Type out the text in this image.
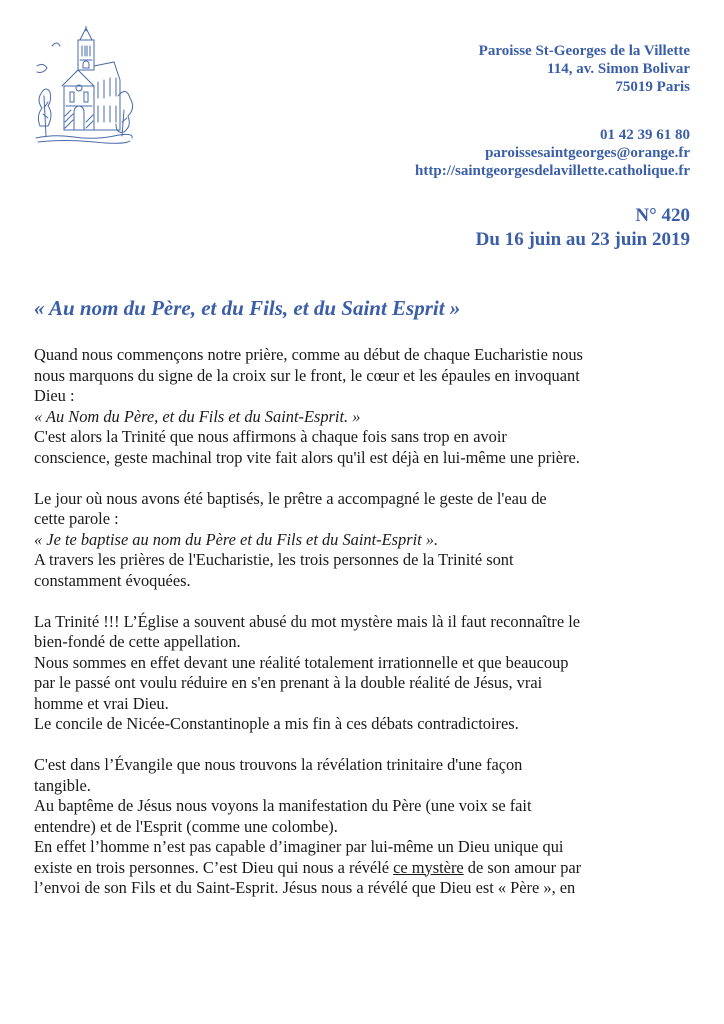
Paroisse St-Georges de la Villette
114, av. Simon Bolivar
75019 Paris
01 42 39 61 80
paroissesaintgeorges@orange.fr
http://saintgeorgesdelavillette.catholique.fr
N° 420
Du 16 juin au 23 juin 2019
« Au nom du Père, et du Fils, et du Saint Esprit »

Quand nous commençons notre prière, comme au début de chaque Eucharistie nous
nous marquons du signe de la croix sur le front, le cœur et les épaules en invoquant
Dieu :
« Au Nom du Père, et du Fils et du Saint-Esprit. »
C'est alors la Trinité que nous affirmons à chaque fois sans trop en avoir
conscience, geste machinal trop vite fait alors qu'il est déjà en lui-même une prière.

Le jour où nous avons été baptisés, le prêtre a accompagné le geste de l'eau de
cette parole :
« Je te baptise au nom du Père et du Fils et du Saint-Esprit ».
A travers les prières de l'Eucharistie, les trois personnes de la Trinité sont
constamment évoquées.

La Trinité !!! L’Église a souvent abusé du mot mystère mais là il faut reconnaître le
bien-fondé de cette appellation.
Nous sommes en effet devant une réalité totalement irrationnelle et que beaucoup
par le passé ont voulu réduire en s'en prenant à la double réalité de Jésus, vrai
homme et vrai Dieu.
Le concile de Nicée-Constantinople a mis fin à ces débats contradictoires.

C'est dans l’Évangile que nous trouvons la révélation trinitaire d'une façon
tangible.
Au baptême de Jésus nous voyons la manifestation du Père (une voix se fait
entendre) et de l'Esprit (comme une colombe).
En effet l’homme n’est pas capable d’imaginer par lui-même un Dieu unique qui
existe en trois personnes. C’est Dieu qui nous a révélé ce mystère de son amour par
l’envoi de son Fils et du Saint-Esprit. Jésus nous a révélé que Dieu est « Père », en
